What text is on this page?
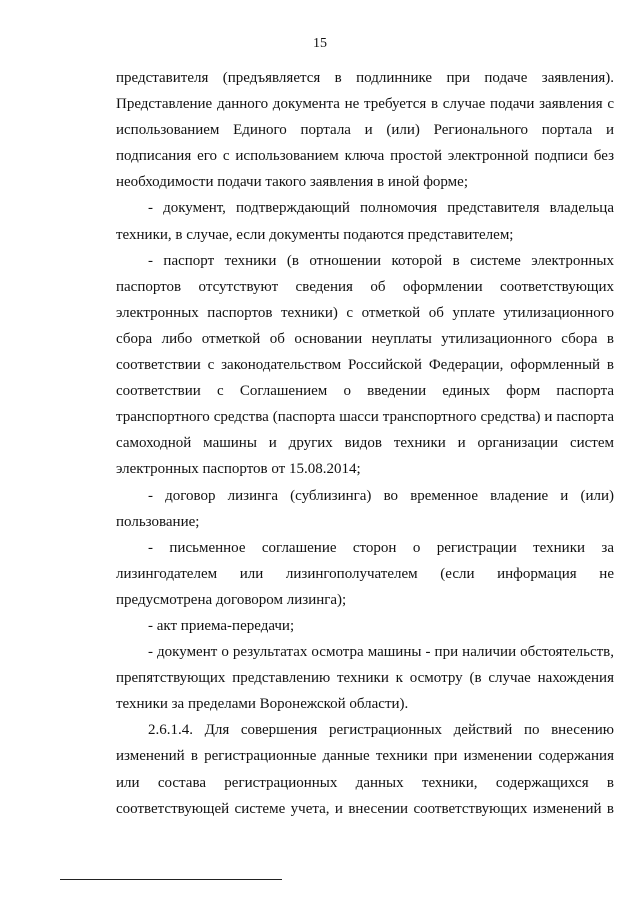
15

представителя (предъявляется в подлиннике при подаче заявления). Представление данного документа не требуется в случае подачи заявления с использованием Единого портала и (или) Регионального портала и подписания его с использованием ключа простой электронной подписи без необходимости подачи такого заявления в иной форме;

- документ, подтверждающий полномочия представителя владельца техники, в случае, если документы подаются представителем;

- паспорт техники (в отношении которой в системе электронных паспортов отсутствуют сведения об оформлении соответствующих электронных паспортов техники) с отметкой об уплате утилизационного сбора либо отметкой об основании неуплаты утилизационного сбора в соответствии с законодательством Российской Федерации, оформленный в соответствии с Соглашением о введении единых форм паспорта транспортного средства (паспорта шасси транспортного средства) и паспорта самоходной машины и других видов техники и организации систем электронных паспортов от 15.08.2014;

- договор лизинга (сублизинга) во временное владение и (или) пользование;

- письменное соглашение сторон о регистрации техники за лизингодателем или лизингополучателем (если информация не предусмотрена договором лизинга);

- акт приема-передачи;

- документ о результатах осмотра машины - при наличии обстоятельств, препятствующих представлению техники к осмотру (в случае нахождения техники за пределами Воронежской области).

2.6.1.4. Для совершения регистрационных действий по внесению изменений в регистрационные данные техники при изменении содержания или состава регистрационных данных техники, содержащихся в соответствующей системе учета, и внесении соответствующих изменений в
